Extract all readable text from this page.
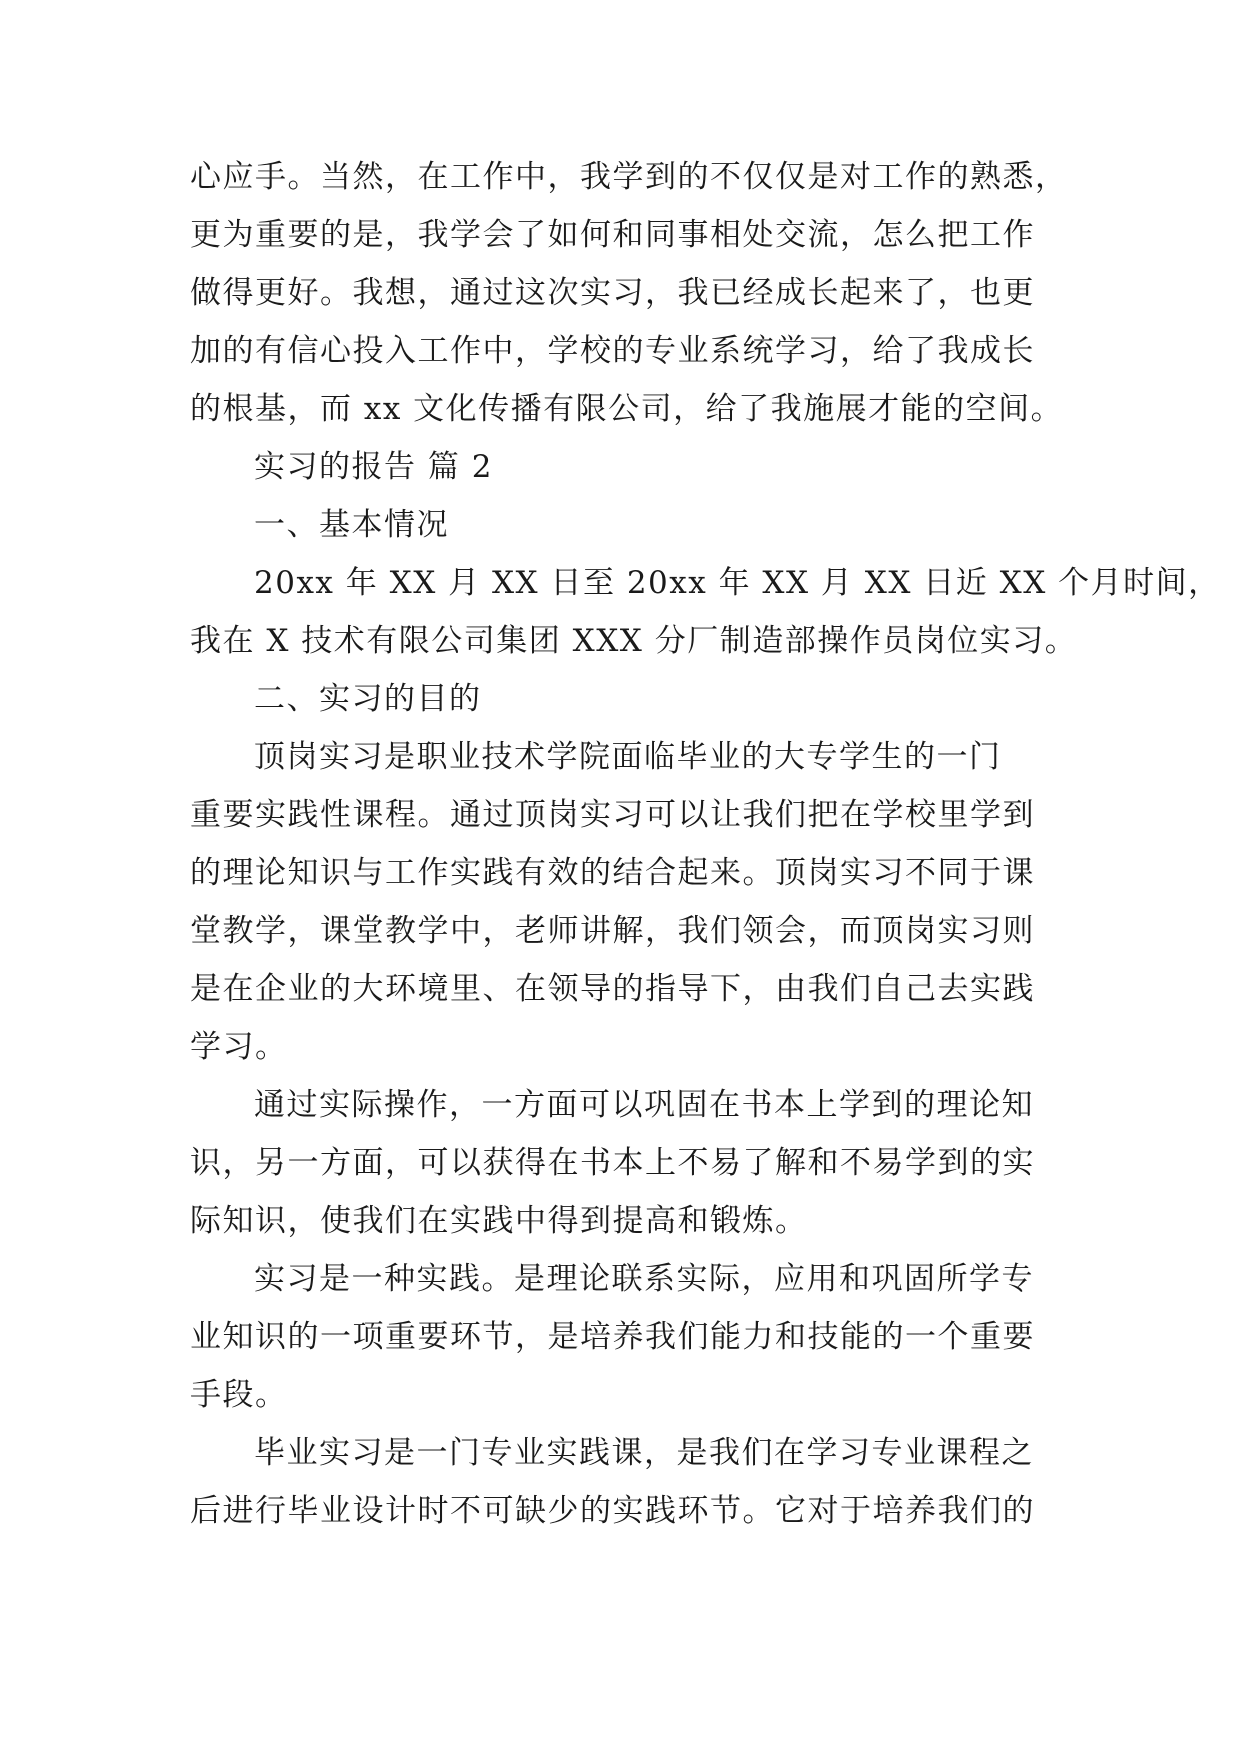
心应手。当然，在工作中，我学到的不仅仅是对工作的熟悉，
更为重要的是，我学会了如何和同事相处交流，怎么把工作
做得更好。我想，通过这次实习，我已经成长起来了，也更
加的有信心投入工作中，学校的专业系统学习，给了我成长
的根基，而 xx 文化传播有限公司，给了我施展才能的空间。
实习的报告 篇 2
一、基本情况
20xx 年 XX 月 XX 日至 20xx 年 XX 月 XX 日近 XX 个月时间，
我在 X 技术有限公司集团 XXX 分厂制造部操作员岗位实习。
二、实习的目的
顶岗实习是职业技术学院面临毕业的大专学生的一门
重要实践性课程。通过顶岗实习可以让我们把在学校里学到
的理论知识与工作实践有效的结合起来。顶岗实习不同于课
堂教学，课堂教学中，老师讲解，我们领会，而顶岗实习则
是在企业的大环境里、在领导的指导下，由我们自己去实践
学习。
通过实际操作，一方面可以巩固在书本上学到的理论知
识，另一方面，可以获得在书本上不易了解和不易学到的实
际知识，使我们在实践中得到提高和锻炼。
实习是一种实践。是理论联系实际，应用和巩固所学专
业知识的一项重要环节，是培养我们能力和技能的一个重要
手段。
毕业实习是一门专业实践课，是我们在学习专业课程之
后进行毕业设计时不可缺少的实践环节。它对于培养我们的
